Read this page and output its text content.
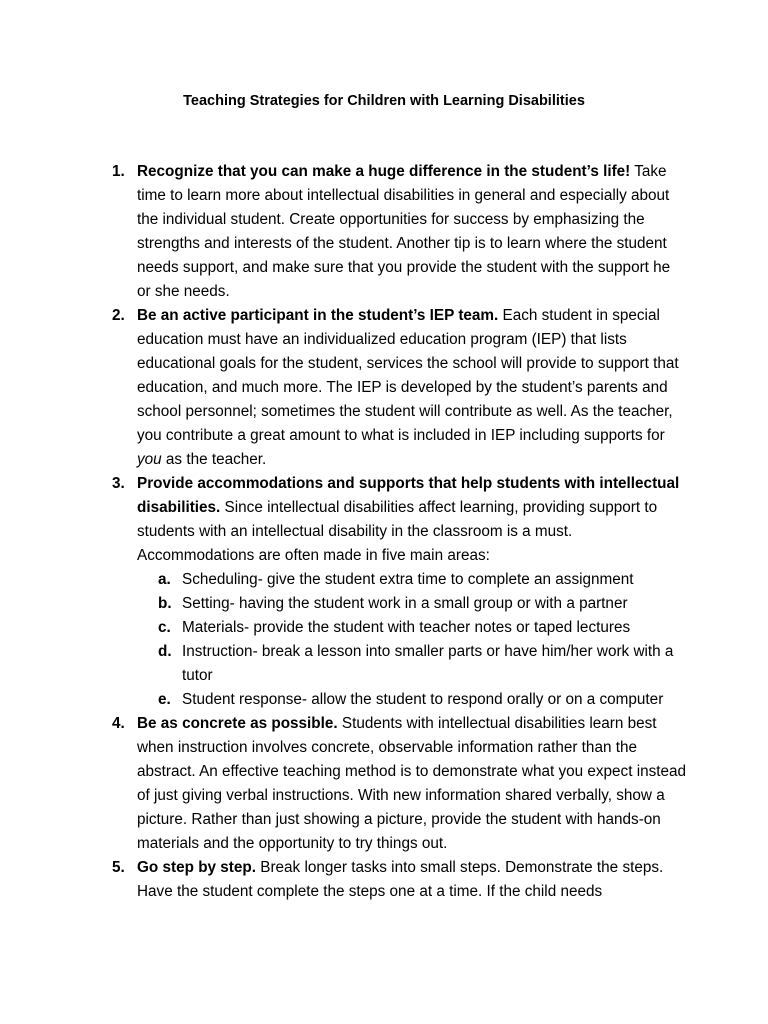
Teaching Strategies for Children with Learning Disabilities
1. Recognize that you can make a huge difference in the student’s life! Take time to learn more about intellectual disabilities in general and especially about the individual student. Create opportunities for success by emphasizing the strengths and interests of the student. Another tip is to learn where the student needs support, and make sure that you provide the student with the support he or she needs.
2. Be an active participant in the student’s IEP team. Each student in special education must have an individualized education program (IEP) that lists educational goals for the student, services the school will provide to support that education, and much more. The IEP is developed by the student’s parents and school personnel; sometimes the student will contribute as well. As the teacher, you contribute a great amount to what is included in IEP including supports for you as the teacher.
3. Provide accommodations and supports that help students with intellectual disabilities. Since intellectual disabilities affect learning, providing support to students with an intellectual disability in the classroom is a must. Accommodations are often made in five main areas:
a. Scheduling- give the student extra time to complete an assignment
b. Setting- having the student work in a small group or with a partner
c. Materials- provide the student with teacher notes or taped lectures
d. Instruction- break a lesson into smaller parts or have him/her work with a tutor
e. Student response- allow the student to respond orally or on a computer
4. Be as concrete as possible. Students with intellectual disabilities learn best when instruction involves concrete, observable information rather than the abstract. An effective teaching method is to demonstrate what you expect instead of just giving verbal instructions. With new information shared verbally, show a picture. Rather than just showing a picture, provide the student with hands-on materials and the opportunity to try things out.
5. Go step by step. Break longer tasks into small steps. Demonstrate the steps. Have the student complete the steps one at a time. If the child needs
